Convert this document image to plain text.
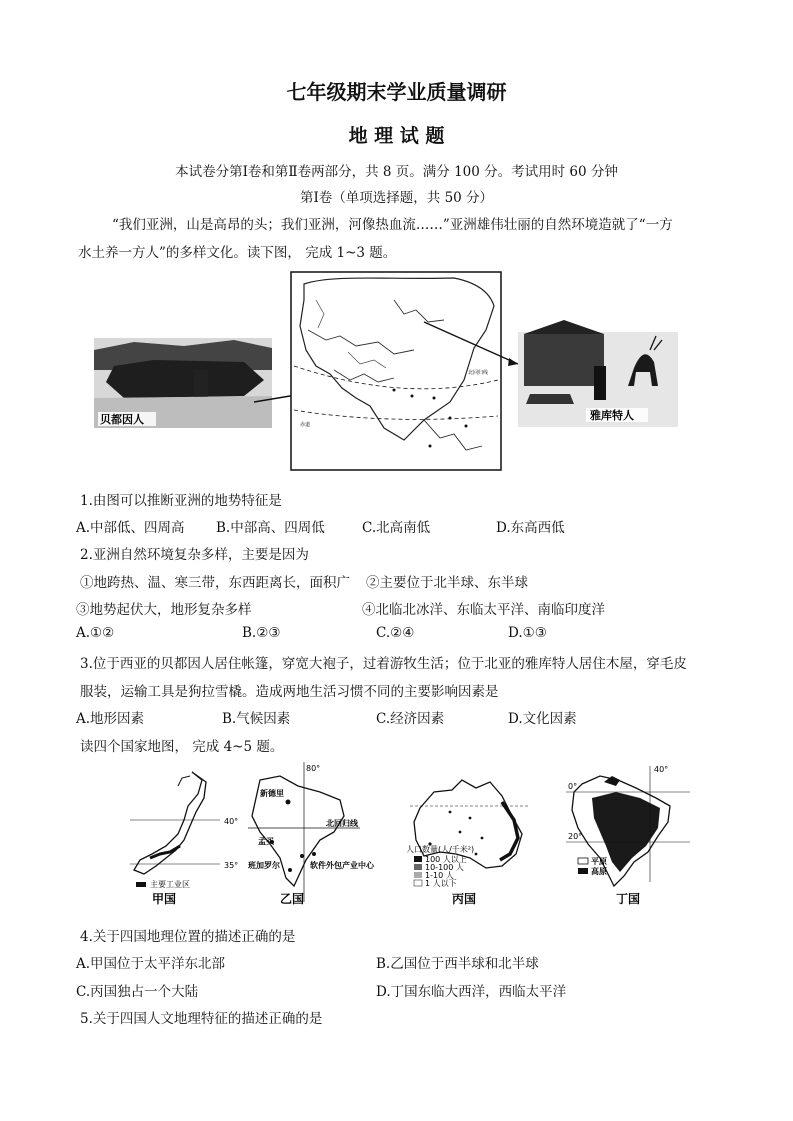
七年级期末学业质量调研
地 理 试 题
本试卷分第Ⅰ卷和第Ⅱ卷两部分，共 8 页。满分 100 分。考试用时 60 分钟
第Ⅰ卷（单项选择题，共 50 分）
“我们亚洲，山是高昂的头；我们亚洲，河像热血流……”亚洲雄伟壮丽的自然环境造就了“一方
水土养一方人”的多样文化。读下图， 完成 1~3 题。
贝都因人
北回归线
赤道
雅库特人
1.由图可以推断亚洲的地势特征是
A.中部低、四周高 B.中部高、四周低	C.北高南低	D.东高西低
2.亚洲自然环境复杂多样，主要是因为
①地跨热、温、寒三带，东西距离长，面积广 ②主要位于北半球、东半球
③地势起伏大，地形复杂多样	④北临北冰洋、东临太平洋、南临印度洋
A.①②	B.②③	C.②④	D.①③
3.位于西亚的贝都因人居住帐篷，穿宽大袍子，过着游牧生活；位于北亚的雅库特人居住木屋，穿毛皮
服装，运输工具是狗拉雪橇。造成两地生活习惯不同的主要影响因素是
A.地形因素	B.气候因素	C.经济因素	D.文化因素
读四个国家地图， 完成 4~5 题。
40°
35°
主要工业区
甲国
80°
新德里
孟买
班加罗尔
北回归线
软件外包产业中心
乙国
人口数量(人/千米²)
100 人以上
10-100 人
1-10 人
1 人以下
丙国
40°
0°
20°
平原
高原
丁国
4.关于四国地理位置的描述正确的是
A.甲国位于太平洋东北部	B.乙国位于西半球和北半球
C.丙国独占一个大陆	D.丁国东临大西洋，西临太平洋
5.关于四国人文地理特征的描述正确的是
